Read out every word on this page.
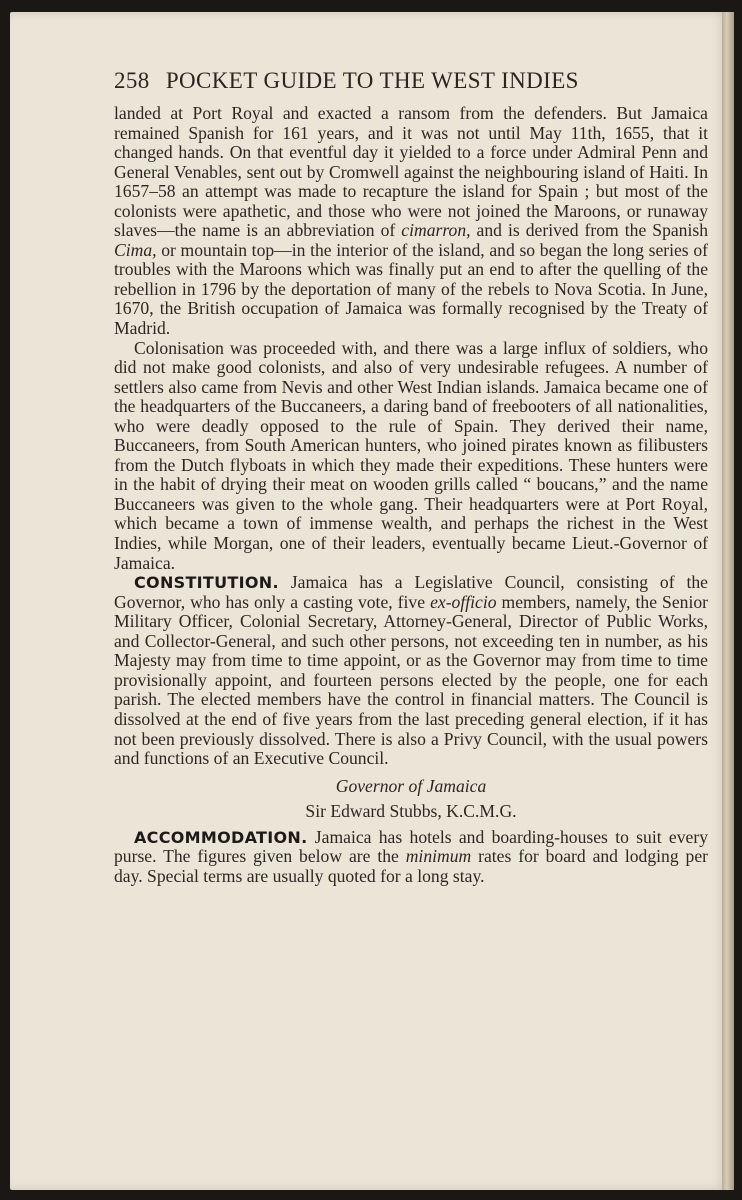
258 POCKET GUIDE TO THE WEST INDIES

landed at Port Royal and exacted a ransom from the defenders. But Jamaica remained Spanish for 161 years, and it was not until May 11th, 1655, that it changed hands. On that eventful day it yielded to a force under Admiral Penn and General Venables, sent out by Cromwell against the neighbouring island of Haiti. In 1657–58 an attempt was made to recapture the island for Spain ; but most of the colonists were apathetic, and those who were not joined the Maroons, or runaway slaves—the name is an abbreviation of cimarron, and is derived from the Spanish Cima, or mountain top—in the interior of the island, and so began the long series of troubles with the Maroons which was finally put an end to after the quelling of the rebellion in 1796 by the deportation of many of the rebels to Nova Scotia. In June, 1670, the British occupation of Jamaica was formally recognised by the Treaty of Madrid.

Colonisation was proceeded with, and there was a large influx of soldiers, who did not make good colonists, and also of very undesirable refugees. A number of settlers also came from Nevis and other West Indian islands. Jamaica became one of the headquarters of the Buccaneers, a daring band of freebooters of all nationalities, who were deadly opposed to the rule of Spain. They derived their name, Buccaneers, from South American hunters, who joined pirates known as filibusters from the Dutch flyboats in which they made their expeditions. These hunters were in the habit of drying their meat on wooden grills called “ boucans,” and the name Buccaneers was given to the whole gang. Their headquarters were at Port Royal, which became a town of immense wealth, and perhaps the richest in the West Indies, while Morgan, one of their leaders, eventually became Lieut.-Governor of Jamaica.

CONSTITUTION. Jamaica has a Legislative Council, consisting of the Governor, who has only a casting vote, five ex-officio members, namely, the Senior Military Officer, Colonial Secretary, Attorney-General, Director of Public Works, and Collector-General, and such other persons, not exceeding ten in number, as his Majesty may from time to time appoint, or as the Governor may from time to time provisionally appoint, and fourteen persons elected by the people, one for each parish. The elected members have the control in financial matters. The Council is dissolved at the end of five years from the last preceding general election, if it has not been previously dissolved. There is also a Privy Council, with the usual powers and functions of an Executive Council.

Governor of Jamaica

Sir Edward Stubbs, K.C.M.G.

ACCOMMODATION. Jamaica has hotels and boarding-houses to suit every purse. The figures given below are the minimum rates for board and lodging per day. Special terms are usually quoted for a long stay.
